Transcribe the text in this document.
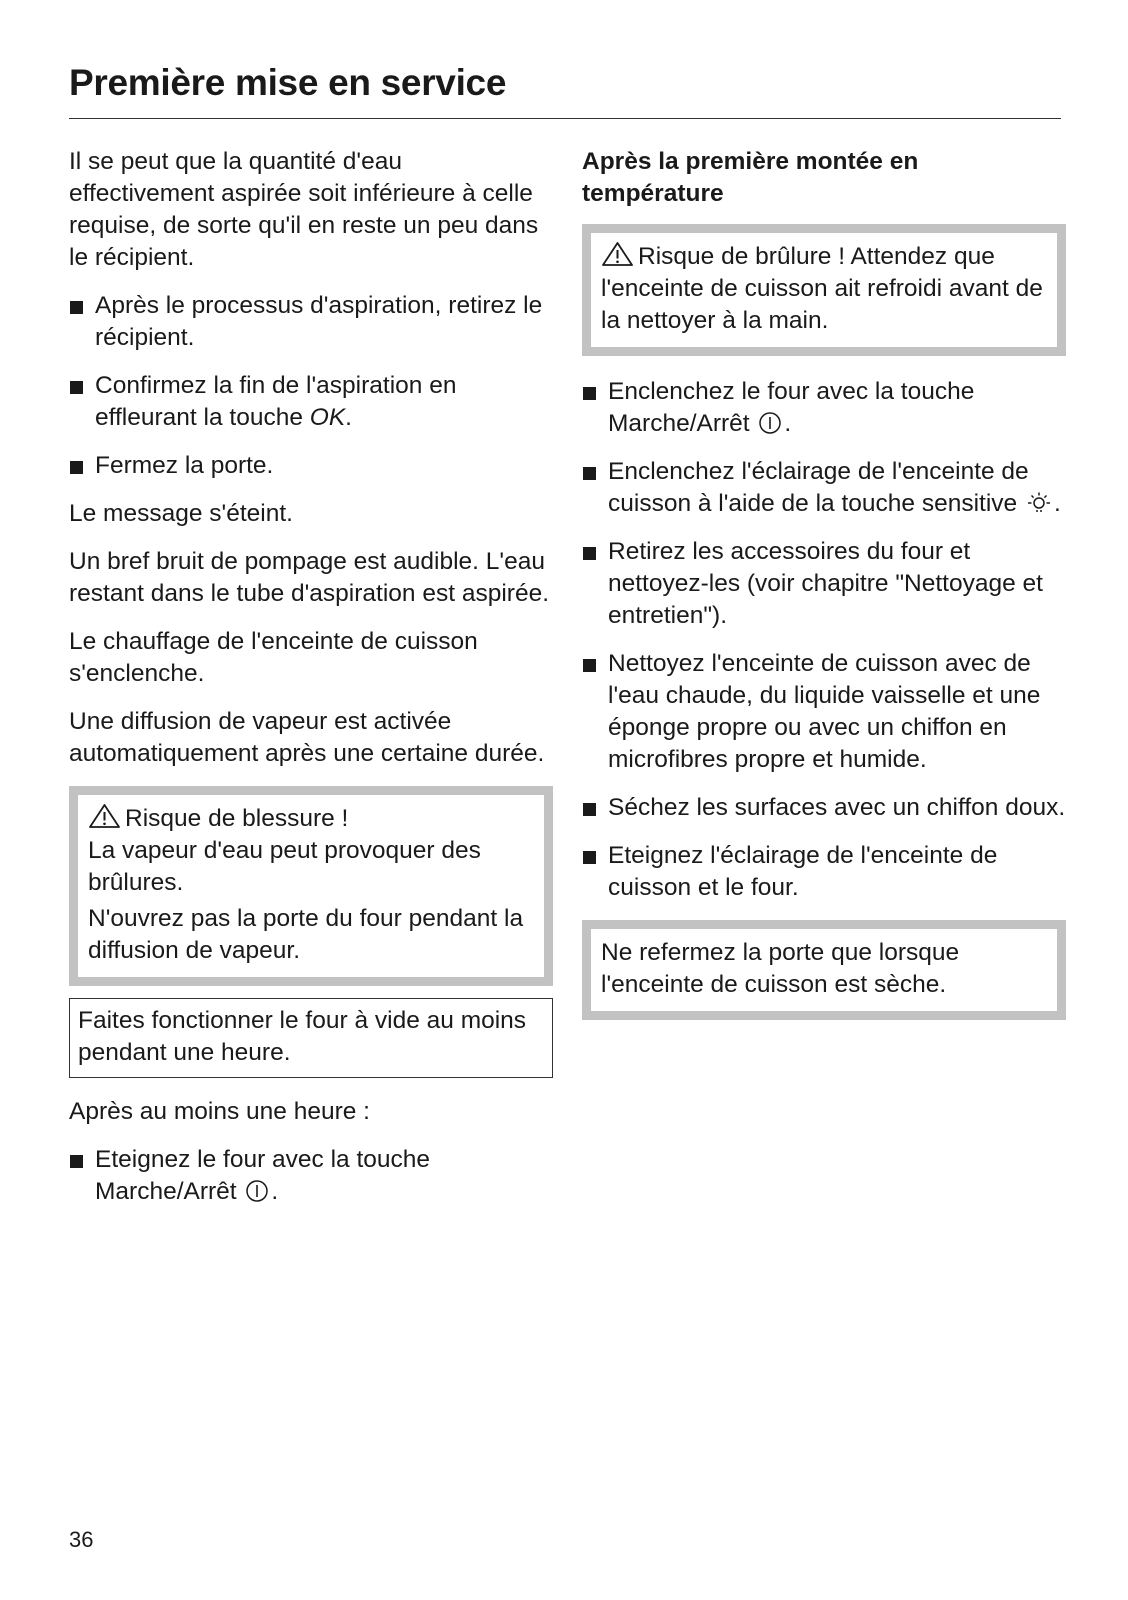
Première mise en service

Il se peut que la quantité d'eau effectivement aspirée soit inférieure à celle requise, de sorte qu'il en reste un peu dans le récipient.

Après le processus d'aspiration, retirez le récipient.
Confirmez la fin de l'aspiration en effleurant la touche OK.
Fermez la porte.

Le message s'éteint.

Un bref bruit de pompage est audible. L'eau restant dans le tube d'aspiration est aspirée.

Le chauffage de l'enceinte de cuisson s'enclenche.

Une diffusion de vapeur est activée automatiquement après une certaine durée.

Risque de blessure !
La vapeur d'eau peut provoquer des brûlures.
N'ouvrez pas la porte du four pendant la diffusion de vapeur.
Faites fonctionner le four à vide au moins pendant une heure.

Après au moins une heure :

Eteignez le four avec la touche Marche/Arrêt .

Après la première montée en température

Risque de brûlure ! Attendez que l'enceinte de cuisson ait refroidi avant de la nettoyer à la main.
Enclenchez le four avec la touche Marche/Arrêt .
Enclenchez l'éclairage de l'enceinte de cuisson à l'aide de la touche sensitive .
Retirez les accessoires du four et nettoyez-les (voir chapitre "Nettoyage et entretien").
Nettoyez l'enceinte de cuisson avec de l'eau chaude, du liquide vaisselle et une éponge propre ou avec un chiffon en microfibres propre et humide.
Séchez les surfaces avec un chiffon doux.
Eteignez l'éclairage de l'enceinte de cuisson et le four.
Ne refermez la porte que lorsque l'enceinte de cuisson est sèche.
36
